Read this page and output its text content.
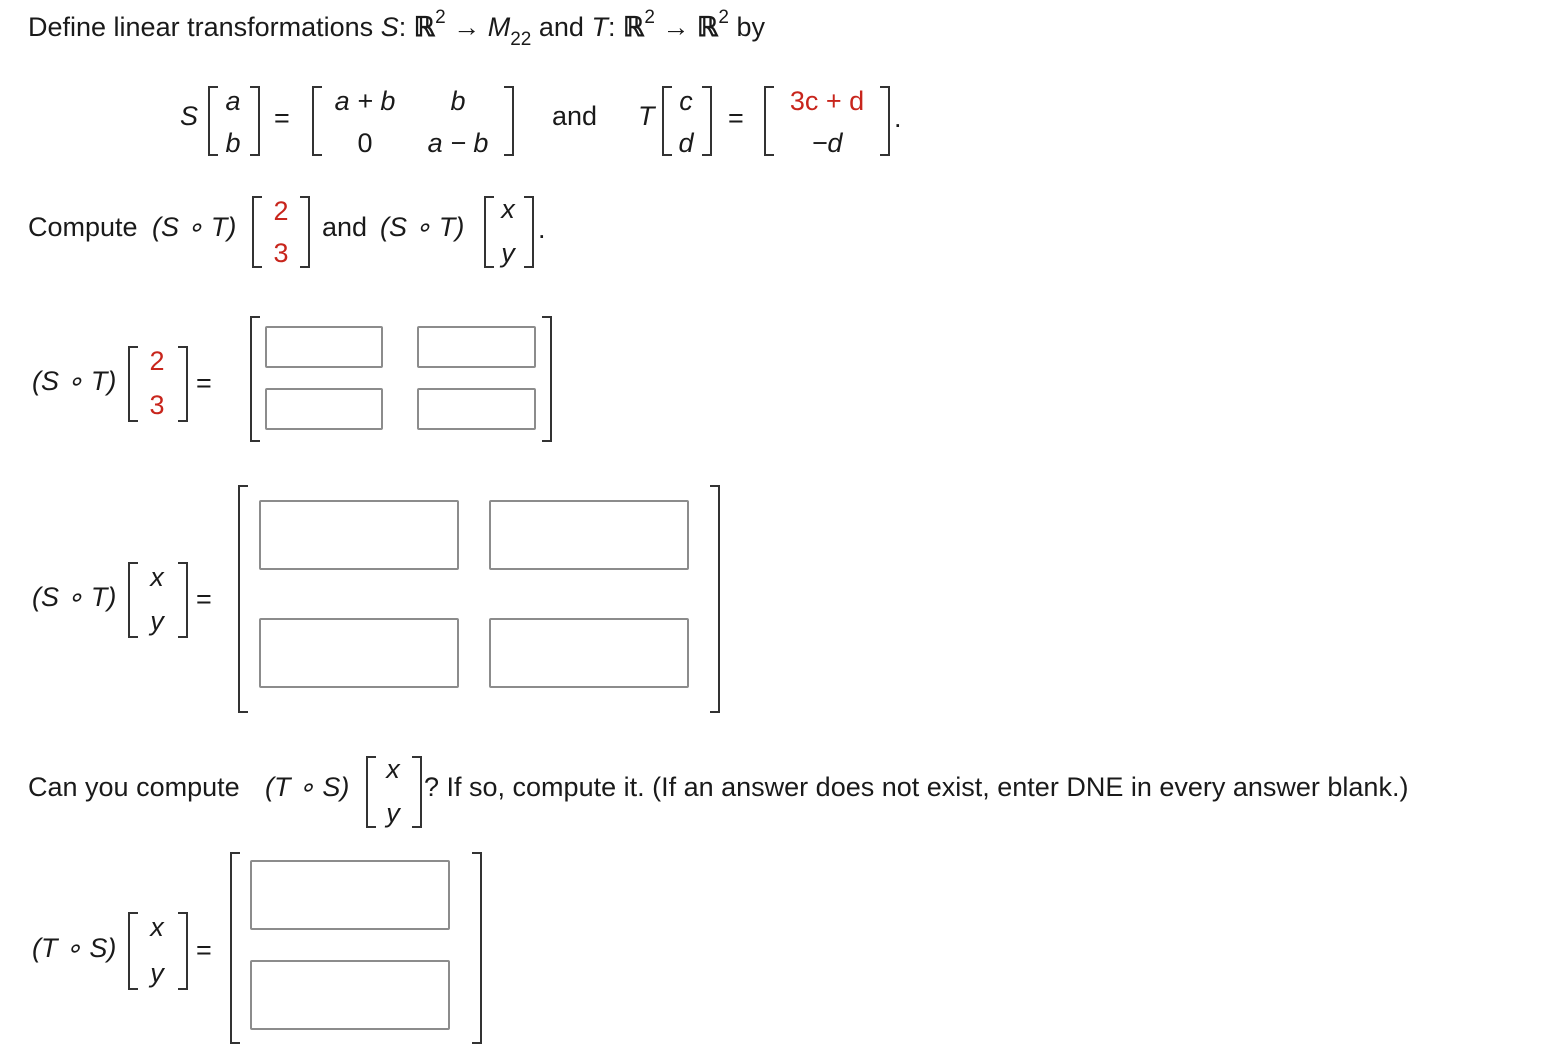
Define linear transformations S: ℝ$^2$ → $M_{22}$ and T: ℝ$^2$ → ℝ$^2$ by
S	a
b
=
a + b	b
0	a − b
and T c
d
=
3c + d
−d
.
Compute (S ∘ T)
2
3
and (S ∘ T)
x
y
.
(S ∘ T)
2
3
=
(S ∘ T)
x
y
=
Can you compute (T ∘ S)
x
y
? If so, compute it. (If an answer does not exist, enter DNE in every answer blank.)
(T ∘ S)
x
y
=
